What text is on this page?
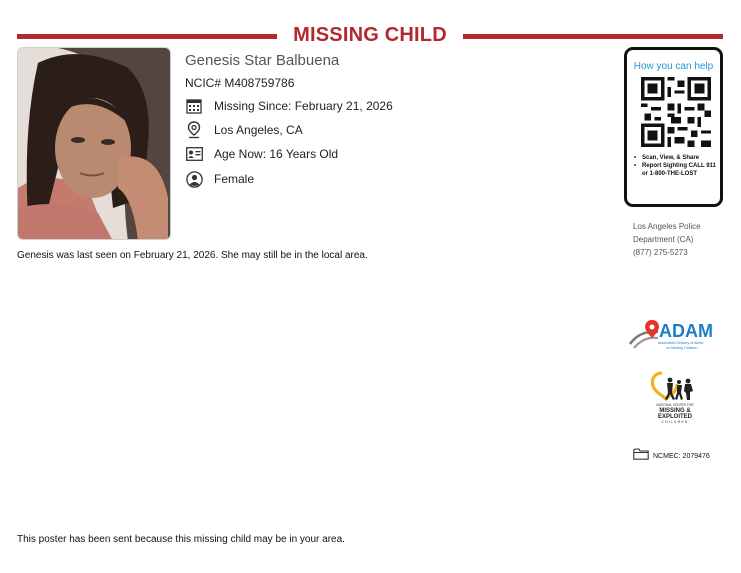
MISSING CHILD
Genesis Star Balbuena
NCIC# M408759786
Missing Since: February 21, 2026
Los Angeles, CA
Age Now: 16 Years Old
Female
Genesis was last seen on February 21, 2026. She may still be in the local area.
How you can help
• Scan, View, & Share
• Report Sighting CALL 911 or 1-800-THE-LOST
Los Angeles Police Department (CA)
(877) 275-5273
ADAM
Automated Delivery of Alerts
on Missing Children
NATIONAL CENTER FOR
MISSING &
EXPLOITED
CHILDREN
NCMEC: 2079476
This poster has been sent because this missing child may be in your area.
